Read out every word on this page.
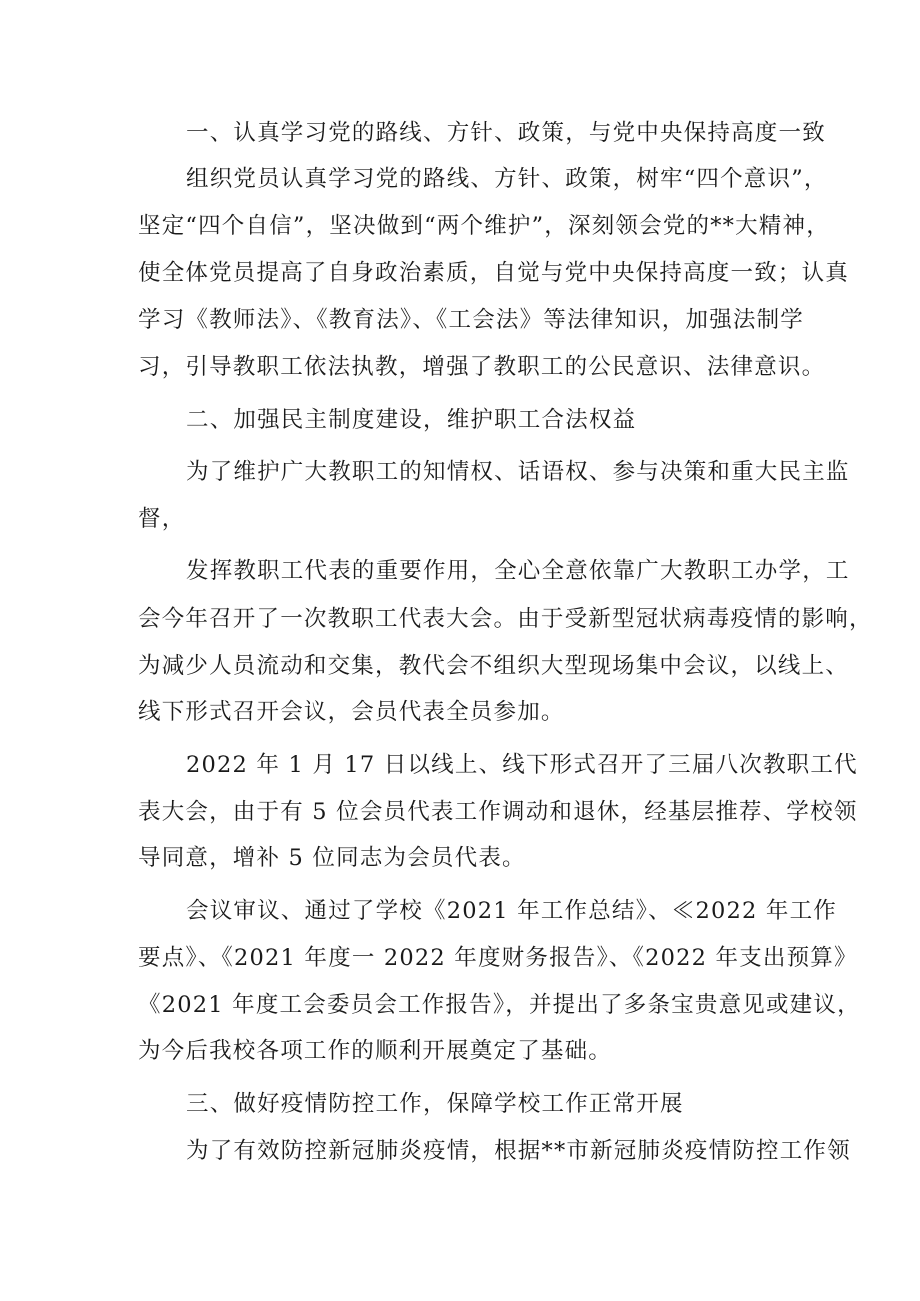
一、认真学习党的路线、方针、政策，与党中央保持高度一致
组织党员认真学习党的路线、方针、政策，树牢“四个意识”，
坚定“四个自信”，坚决做到“两个维护”，深刻领会党的**大精神，
使全体党员提高了自身政治素质，自觉与党中央保持高度一致；认真
学习《教师法》、《教育法》、《工会法》等法律知识，加强法制学
习，引导教职工依法执教，增强了教职工的公民意识、法律意识。
二、加强民主制度建设，维护职工合法权益
为了维护广大教职工的知情权、话语权、参与决策和重大民主监
督，
发挥教职工代表的重要作用，全心全意依靠广大教职工办学，工
会今年召开了一次教职工代表大会。由于受新型冠状病毒疫情的影响，
为减少人员流动和交集，教代会不组织大型现场集中会议，以线上、
线下形式召开会议，会员代表全员参加。
2022 年 1 月 17 日以线上、线下形式召开了三届八次教职工代
表大会，由于有 5 位会员代表工作调动和退休，经基层推荐、学校领
导同意，增补 5 位同志为会员代表。
会议审议、通过了学校《2021 年工作总结》、≪2022 年工作
要点》、《2021 年度一 2022 年度财务报告》、《2022 年支出预算》
《2021 年度工会委员会工作报告》，并提出了多条宝贵意见或建议，
为今后我校各项工作的顺利开展奠定了基础。
三、做好疫情防控工作，保障学校工作正常开展
为了有效防控新冠肺炎疫情，根据**市新冠肺炎疫情防控工作领
